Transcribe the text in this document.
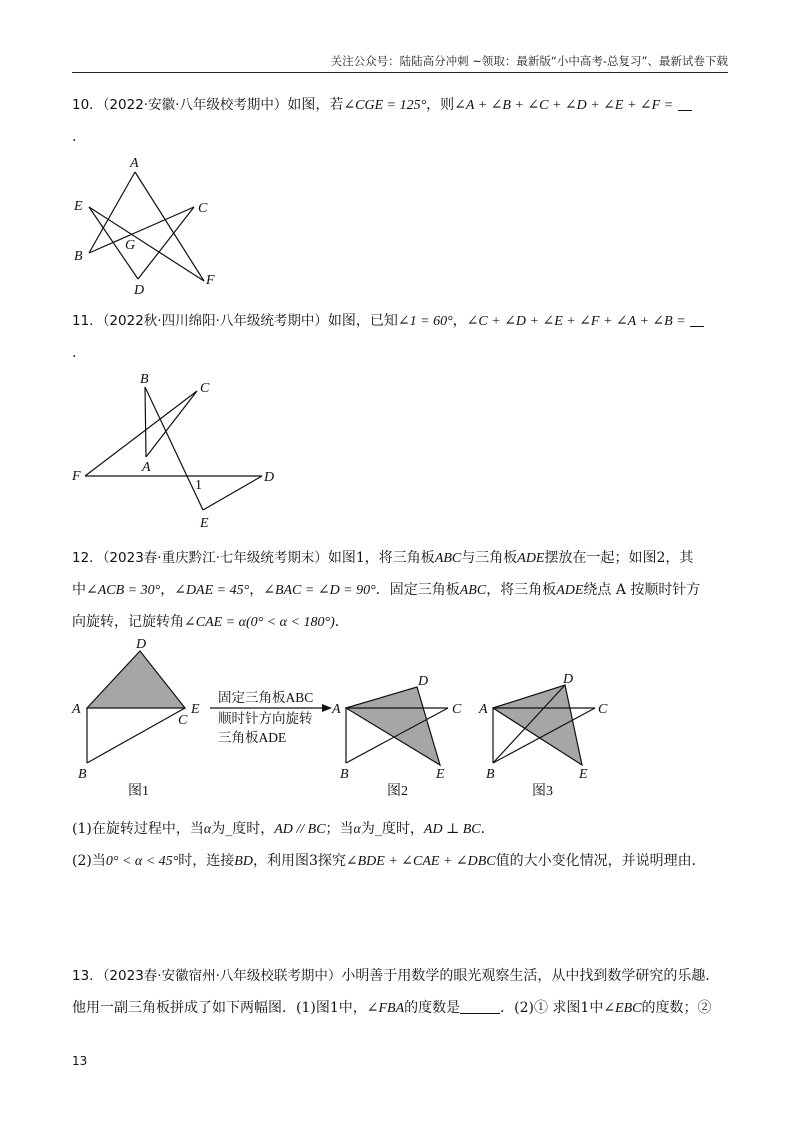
关注公众号：陆陆高分冲刺 ~领取：最新版“小中高考-总复习”、最新试卷下载
10．（2022·安徽·八年级校考期中）如图，若∠CGE = 125°，则∠A + ∠B + ∠C + ∠D + ∠E + ∠F =
.
A
E	C
G
B
F
D
11．（2022秋·四川绵阳·八年级统考期中）如图，已知∠1 = 60°，∠C + ∠D + ∠E + ∠F + ∠A + ∠B =
.
B
C
A
F
1
D
E
12．（2023春·重庆黔江·七年级统考期末）如图1，将三角板ABC与三角板ADE摆放在一起；如图2，其
中∠ACB = 30°，∠DAE = 45°，∠BAC = ∠D = 90°．固定三角板ABC，将三角板ADE绕点 A 按顺时针方
向旋转，记旋转角∠CAE = α(0° < α < 180°)．
D
A
C
E
B
图1
固定三角板ABC
顺时针方向旋转
三角板ADE
D
A	C
B	E
图2
D
A	C
B	E
图3
(1)在旋转过程中，当α为_度时，AD // BC；当α为_度时，AD ⊥ BC．
(2)当0° < α < 45°时，连接BD，利用图3探究∠BDE + ∠CAE + ∠DBC值的大小变化情况，并说明理由．
13．（2023春·安徽宿州·八年级校联考期中）小明善于用数学的眼光观察生活，从中找到数学研究的乐趣．
他用一副三角板拼成了如下两幅图．(1)图1中，∠FBA的度数是	．(2)① 求图1中∠EBC的度数；②
13
